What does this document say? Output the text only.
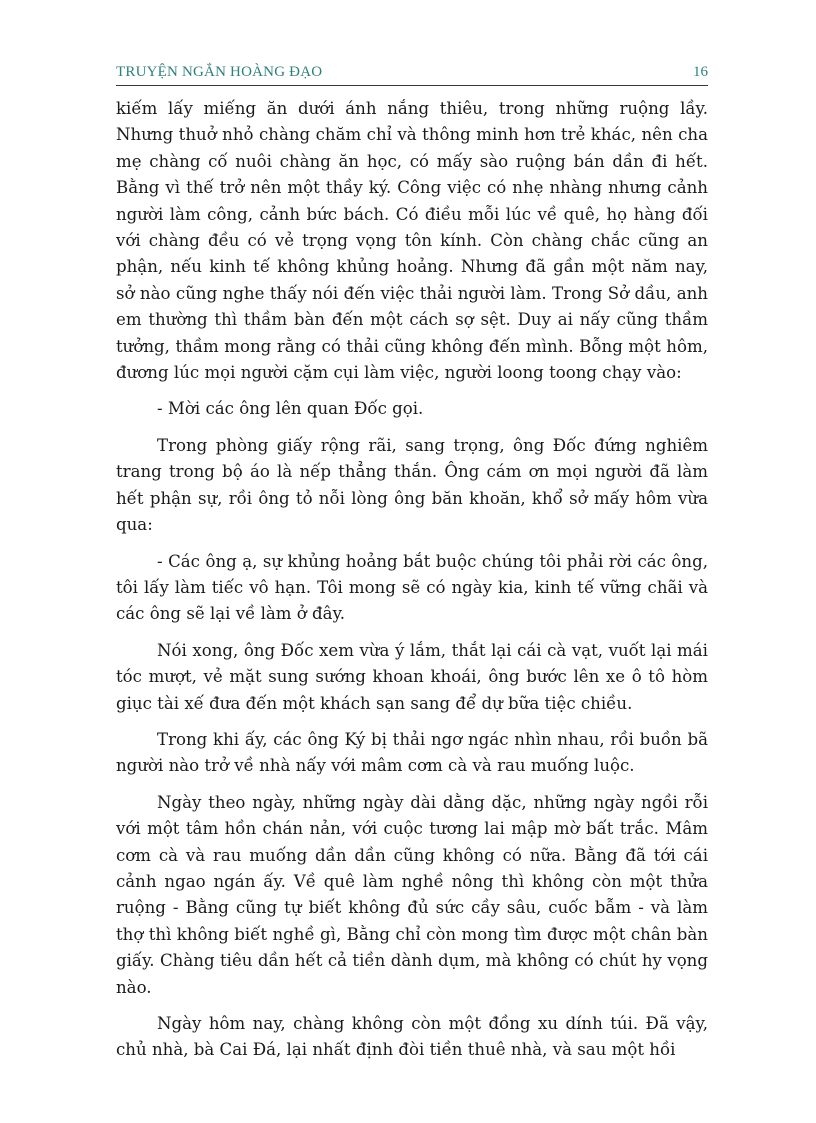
TRUYỆN NGẮN HOÀNG ĐẠO	16

kiếm lấy miếng ăn dưới ánh nắng thiêu, trong những ruộng lầy. Nhưng thuở nhỏ chàng chăm chỉ và thông minh hơn trẻ khác, nên cha mẹ chàng cố nuôi chàng ăn học, có mấy sào ruộng bán dần đi hết. Bằng vì thế trở nên một thầy ký. Công việc có nhẹ nhàng nhưng cảnh người làm công, cảnh bức bách. Có điều mỗi lúc về quê, họ hàng đối với chàng đều có vẻ trọng vọng tôn kính. Còn chàng chắc cũng an phận, nếu kinh tế không khủng hoảng. Nhưng đã gần một năm nay, sở nào cũng nghe thấy nói đến việc thải người làm. Trong Sở dầu, anh em thường thì thầm bàn đến một cách sợ sệt. Duy ai nấy cũng thầm tưởng, thầm mong rằng có thải cũng không đến mình. Bỗng một hôm, đương lúc mọi người cặm cụi làm việc, người loong toong chạy vào:

- Mời các ông lên quan Đốc gọi.

Trong phòng giấy rộng rãi, sang trọng, ông Đốc đứng nghiêm trang trong bộ áo là nếp thẳng thắn. Ông cám ơn mọi người đã làm hết phận sự, rồi ông tỏ nỗi lòng ông băn khoăn, khổ sở mấy hôm vừa qua:

- Các ông ạ, sự khủng hoảng bắt buộc chúng tôi phải rời các ông, tôi lấy làm tiếc vô hạn. Tôi mong sẽ có ngày kia, kinh tế vững chãi và các ông sẽ lại về làm ở đây.

Nói xong, ông Đốc xem vừa ý lắm, thắt lại cái cà vạt, vuốt lại mái tóc mượt, vẻ mặt sung sướng khoan khoái, ông bước lên xe ô tô hòm giục tài xế đưa đến một khách sạn sang để dự bữa tiệc chiều.

Trong khi ấy, các ông Ký bị thải ngơ ngác nhìn nhau, rồi buồn bã người nào trở về nhà nấy với mâm cơm cà và rau muống luộc.

Ngày theo ngày, những ngày dài dằng dặc, những ngày ngồi rỗi với một tâm hồn chán nản, với cuộc tương lai mập mờ bất trắc. Mâm cơm cà và rau muống dần dần cũng không có nữa. Bằng đã tới cái cảnh ngao ngán ấy. Về quê làm nghề nông thì không còn một thửa ruộng - Bằng cũng tự biết không đủ sức cầy sâu, cuốc bẫm - và làm thợ thì không biết nghề gì, Bằng chỉ còn mong tìm được một chân bàn giấy. Chàng tiêu dần hết cả tiền dành dụm, mà không có chút hy vọng nào.

Ngày hôm nay, chàng không còn một đồng xu dính túi. Đã vậy, chủ nhà, bà Cai Đá, lại nhất định đòi tiền thuê nhà, và sau một hồi
